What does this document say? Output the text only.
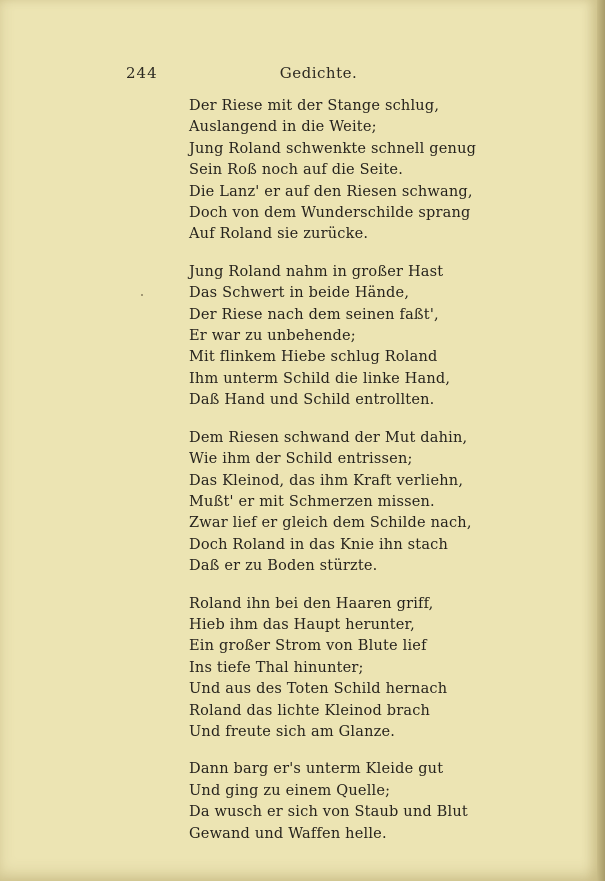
244	Gedichte.
Der Riese mit der Stange schlug,
Auslangend in die Weite;
Jung Roland schwenkte schnell genug
Sein Roß noch auf die Seite.
Die Lanz' er auf den Riesen schwang,
Doch von dem Wunderschilde sprang
Auf Roland sie zurücke.
Jung Roland nahm in großer Hast
Das Schwert in beide Hände,
Der Riese nach dem seinen faßt',
Er war zu unbehende;
Mit flinkem Hiebe schlug Roland
Ihm unterm Schild die linke Hand,
Daß Hand und Schild entrollten.
Dem Riesen schwand der Mut dahin,
Wie ihm der Schild entrissen;
Das Kleinod, das ihm Kraft verliehn,
Mußt' er mit Schmerzen missen.
Zwar lief er gleich dem Schilde nach,
Doch Roland in das Knie ihn stach
Daß er zu Boden stürzte.
Roland ihn bei den Haaren griff,
Hieb ihm das Haupt herunter,
Ein großer Strom von Blute lief
Ins tiefe Thal hinunter;
Und aus des Toten Schild hernach
Roland das lichte Kleinod brach
Und freute sich am Glanze.
Dann barg er's unterm Kleide gut
Und ging zu einem Quelle;
Da wusch er sich von Staub und Blut
Gewand und Waffen helle.
